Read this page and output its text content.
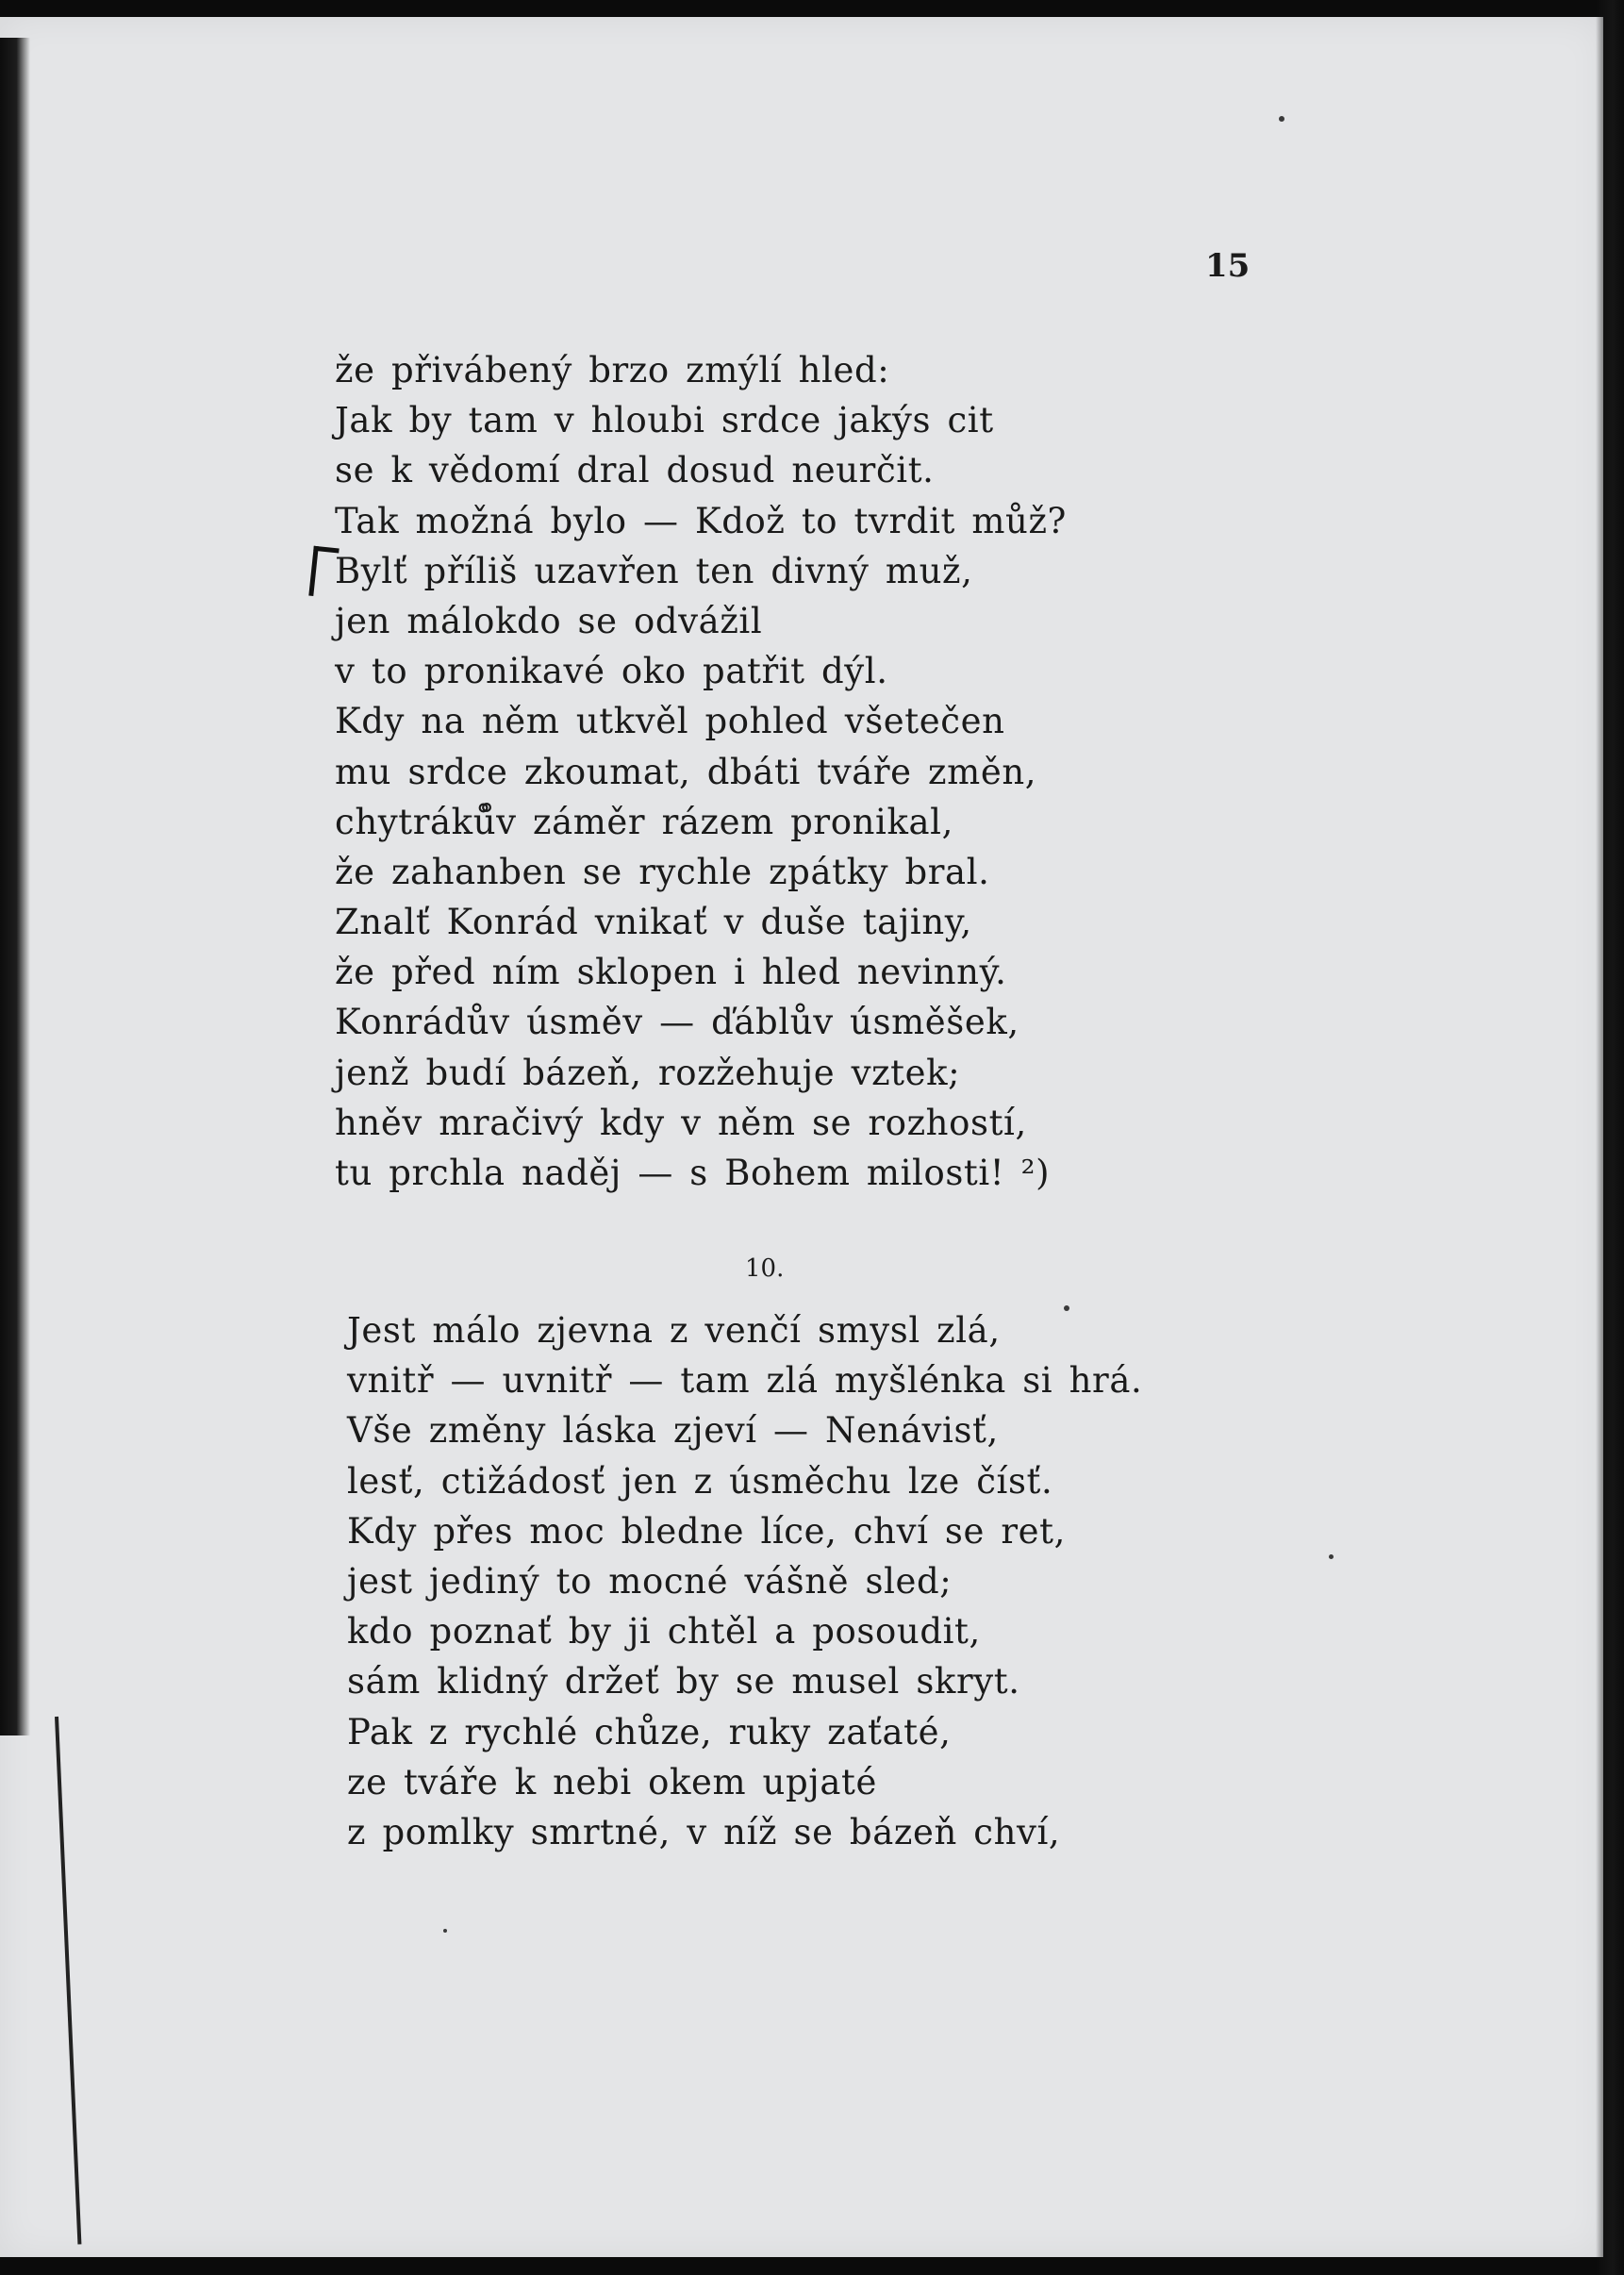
15
že přivábený brzo zmýlí hled:
Jak by tam v hloubi srdce jakýs cit
se k vědomí dral dosud neurčit.
Tak možná bylo — Kdož to tvrdit můž?
Bylť příliš uzavřen ten divný muž,
jen málokdo se odvážil
v to pronikavé oko patřit dýl.
Kdy na něm utkvěl pohled všetečen
mu srdce zkoumat, dbáti tváře změn,
chytráků̊v záměr rázem pronikal,
že zahanben se rychle zpátky bral.
Znalť Konrád vnikať v duše tajiny,
že před ním sklopen i hled nevinný.
Konrádův úsměv — ďáblův úsměšek,
jenž budí bázeň, rozžehuje vztek;
hněv mračivý kdy v něm se rozhostí,
tu prchla naděj — s Bohem milosti! ²)
10.
Jest málo zjevna z venčí smysl zlá,
vnitř — uvnitř — tam zlá myšlénka si hrá.
Vše změny láska zjeví — Nenávisť,
lesť, ctižádosť jen z úsměchu lze čísť.
Kdy přes moc bledne líce, chví se ret,
jest jediný to mocné vášně sled;
kdo poznať by ji chtěl a posoudit,
sám klidný držeť by se musel skryt.
Pak z rychlé chůze, ruky zaťaté,
ze tváře k nebi okem upjaté
z pomlky smrtné, v níž se bázeň chví,
